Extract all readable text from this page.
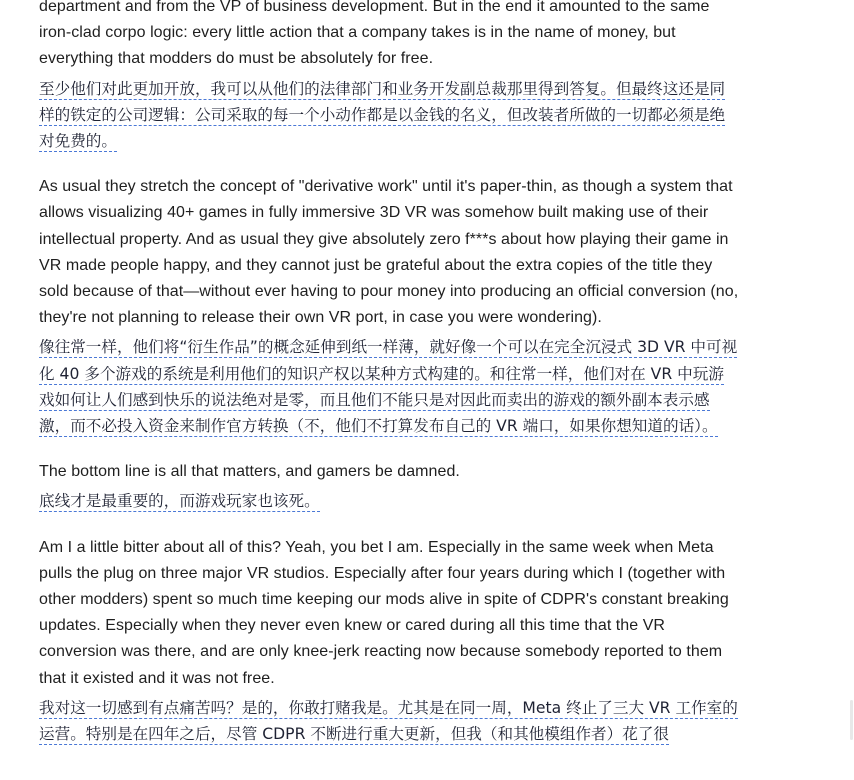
department and from the VP of business development. But in the end it amounted to the same iron-clad corpo logic: every little action that a company takes is in the name of money, but everything that modders do must be absolutely for free.

至少他们对此更加开放，我可以从他们的法律部门和业务开发副总裁那里得到答复。但最终这还是同样的铁定的公司逻辑：公司采取的每一个小动作都是以金钱的名义，但改装者所做的一切都必须是绝对免费的。

As usual they stretch the concept of "derivative work" until it's paper-thin, as though a system that allows visualizing 40+ games in fully immersive 3D VR was somehow built making use of their intellectual property. And as usual they give absolutely zero f***s about how playing their game in VR made people happy, and they cannot just be grateful about the extra copies of the title they sold because of that—without ever having to pour money into producing an official conversion (no, they're not planning to release their own VR port, in case you were wondering).

像往常一样，他们将“衍生作品”的概念延伸到纸一样薄，就好像一个可以在完全沉浸式 3D VR 中可视化 40 多个游戏的系统是利用他们的知识产权以某种方式构建的。和往常一样，他们对在 VR 中玩游戏如何让人们感到快乐的说法绝对是零，而且他们不能只是对因此而卖出的游戏的额外副本表示感激，而不必投入资金来制作官方转换（不，他们不打算发布自己的 VR 端口，如果你想知道的话）。

The bottom line is all that matters, and gamers be damned.

底线才是最重要的，而游戏玩家也该死。

Am I a little bitter about all of this? Yeah, you bet I am. Especially in the same week when Meta pulls the plug on three major VR studios. Especially after four years during which I (together with other modders) spent so much time keeping our mods alive in spite of CDPR's constant breaking updates. Especially when they never even knew or cared during all this time that the VR conversion was there, and are only knee-jerk reacting now because somebody reported to them that it existed and it was not free.

我对这一切感到有点痛苦吗？是的，你敢打赌我是。尤其是在同一周，Meta 终止了三大 VR 工作室的运营。特别是在四年之后，尽管 CDPR 不断进行重大更新，但我（和其他模组作者）花了很
